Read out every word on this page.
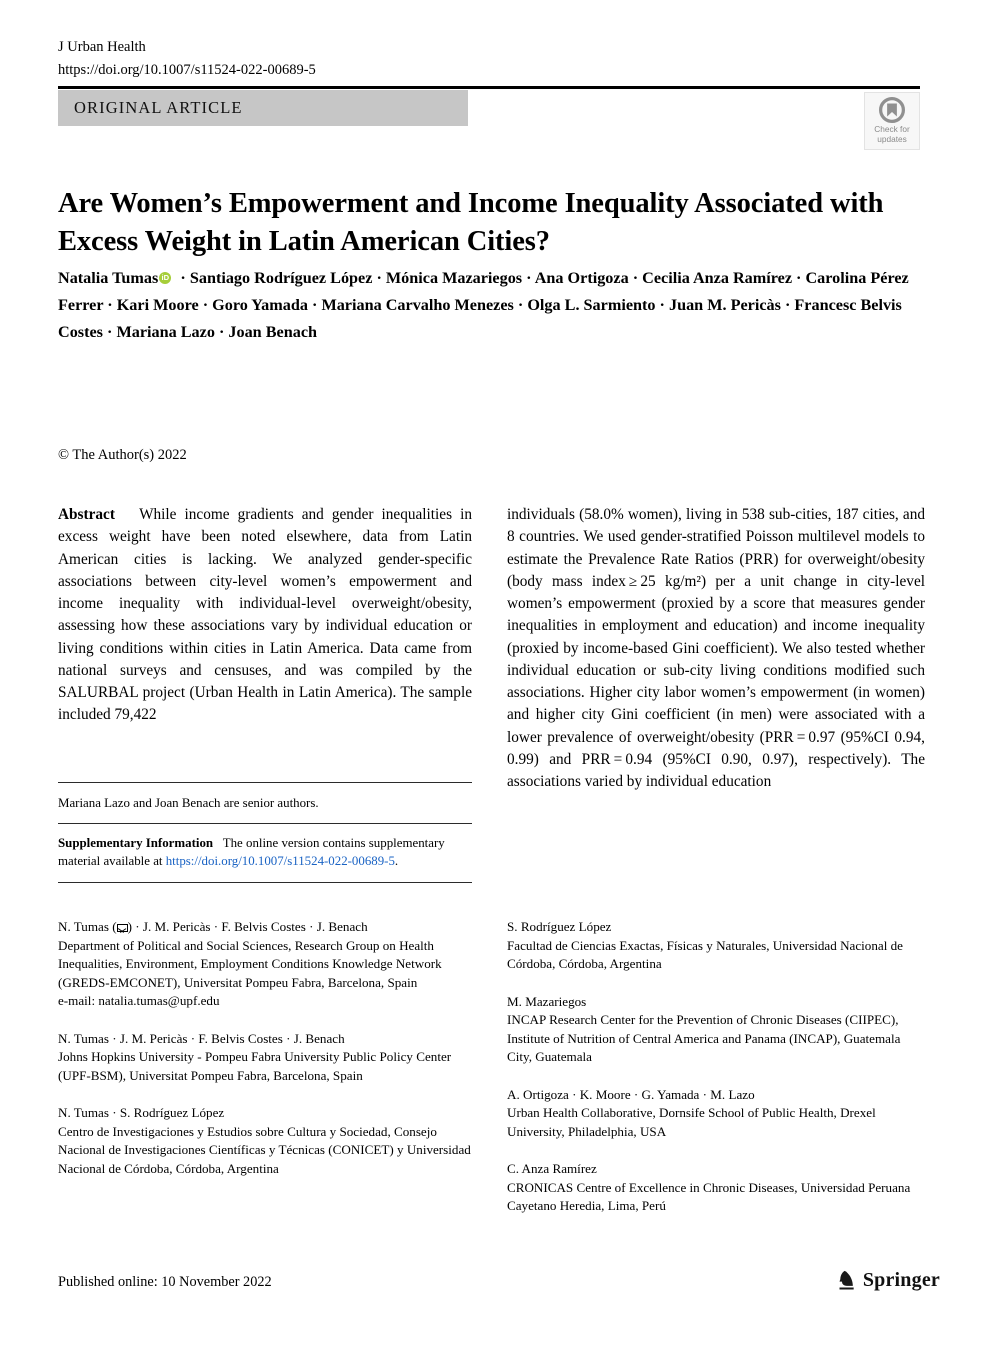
J Urban Health
https://doi.org/10.1007/s11524-022-00689-5
ORIGINAL ARTICLE
Check for
updates
Are Women’s Empowerment and Income Inequality Associated with Excess Weight in Latin American Cities?
Natalia TumasiD  · Santiago Rodríguez López · Mónica Mazariegos · Ana Ortigoza · Cecilia Anza Ramírez · Carolina Pérez Ferrer · Kari Moore · Goro Yamada · Mariana Carvalho Menezes · Olga L. Sarmiento · Juan M. Pericàs · Francesc Belvis Costes · Mariana Lazo · Joan Benach
© The Author(s) 2022

Abstract While income gradients and gender inequalities in excess weight have been noted elsewhere, data from Latin American cities is lacking. We analyzed gender-specific associations between city-level women’s empowerment and income inequality with individual-level overweight/obesity, assessing how these associations vary by individual education or living conditions within cities in Latin America. Data came from national surveys and censuses, and was compiled by the SALURBAL project (Urban Health in Latin America). The sample included 79,422

individuals (58.0% women), living in 538 sub-cities, 187 cities, and 8 countries. We used gender-stratified Poisson multilevel models to estimate the Prevalence Rate Ratios (PRR) for overweight/obesity (body mass index ≥ 25 kg/m²) per a unit change in city-level women’s empowerment (proxied by a score that measures gender inequalities in employment and education) and income inequality (proxied by income-based Gini coefficient). We also tested whether individual education or sub-city living conditions modified such associations. Higher city labor women’s empowerment (in women) and higher city Gini coefficient (in men) were associated with a lower prevalence of overweight/obesity (PRR = 0.97 (95%CI 0.94, 0.99) and PRR = 0.94 (95%CI 0.90, 0.97), respectively). The associations varied by individual education

Mariana Lazo and Joan Benach are senior authors.
Supplementary Information The online version contains supplementary material available at https://doi.org/10.1007/s11524-022-00689-5.

N. Tumas ( ) · J. M. Pericàs · F. Belvis Costes · J. Benach
Department of Political and Social Sciences, Research Group on Health Inequalities, Environment, Employment Conditions Knowledge Network (GREDS-EMCONET), Universitat Pompeu Fabra, Barcelona, Spain
e-mail: natalia.tumas@upf.edu

N. Tumas · J. M. Pericàs · F. Belvis Costes · J. Benach
Johns Hopkins University - Pompeu Fabra University Public Policy Center (UPF-BSM), Universitat Pompeu Fabra, Barcelona, Spain

N. Tumas · S. Rodríguez López
Centro de Investigaciones y Estudios sobre Cultura y Sociedad, Consejo Nacional de Investigaciones Científicas y Técnicas (CONICET) y Universidad Nacional de Córdoba, Córdoba, Argentina

S. Rodríguez López
Facultad de Ciencias Exactas, Físicas y Naturales, Universidad Nacional de Córdoba, Córdoba, Argentina

M. Mazariegos
INCAP Research Center for the Prevention of Chronic Diseases (CIIPEC), Institute of Nutrition of Central America and Panama (INCAP), Guatemala City, Guatemala

A. Ortigoza · K. Moore · G. Yamada · M. Lazo
Urban Health Collaborative, Dornsife School of Public Health, Drexel University, Philadelphia, USA

C. Anza Ramírez
CRONICAS Centre of Excellence in Chronic Diseases, Universidad Peruana Cayetano Heredia, Lima, Perú

Published online: 10 November 2022	Springer
